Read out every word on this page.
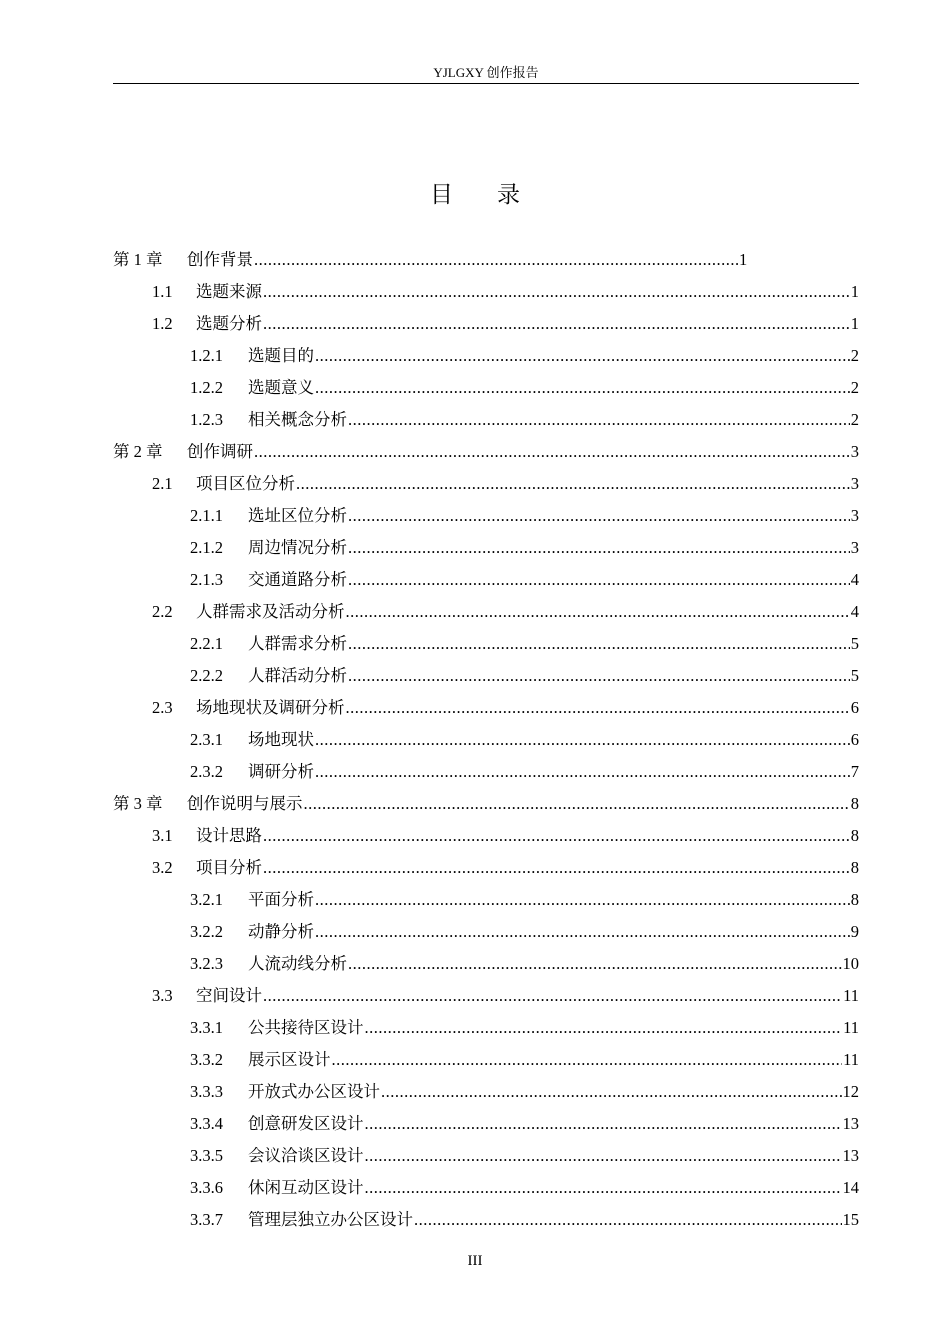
YJLGXY 创作报告
目 录
第 1 章	创作背景 .....	1
1.1	选题来源 .....	1
1.2	选题分析 .....	1
1.2.1	选题目的 .....	2
1.2.2	选题意义 .....	2
1.2.3	相关概念分析 .....	2
第 2 章	创作调研 .....	3
2.1	项目区位分析 .....	3
2.1.1	选址区位分析 .....	3
2.1.2	周边情况分析 .....	3
2.1.3	交通道路分析 .....	4
2.2	人群需求及活动分析 .....	4
2.2.1	人群需求分析 .....	5
2.2.2	人群活动分析 .....	5
2.3	场地现状及调研分析 .....	6
2.3.1	场地现状 .....	6
2.3.2	调研分析 .....	7
第 3 章	创作说明与展示 .....	8
3.1	设计思路 .....	8
3.2	项目分析 .....	8
3.2.1	平面分析 .....	8
3.2.2	动静分析 .....	9
3.2.3	人流动线分析 .....	10
3.3	空间设计 .....	11
3.3.1	公共接待区设计 .....	11
3.3.2	展示区设计 .....	11
3.3.3	开放式办公区设计 .....	12
3.3.4	创意研发区设计 .....	13
3.3.5	会议洽谈区设计 .....	13
3.3.6	休闲互动区设计 .....	14
3.3.7	管理层独立办公区设计 .....	15
III
